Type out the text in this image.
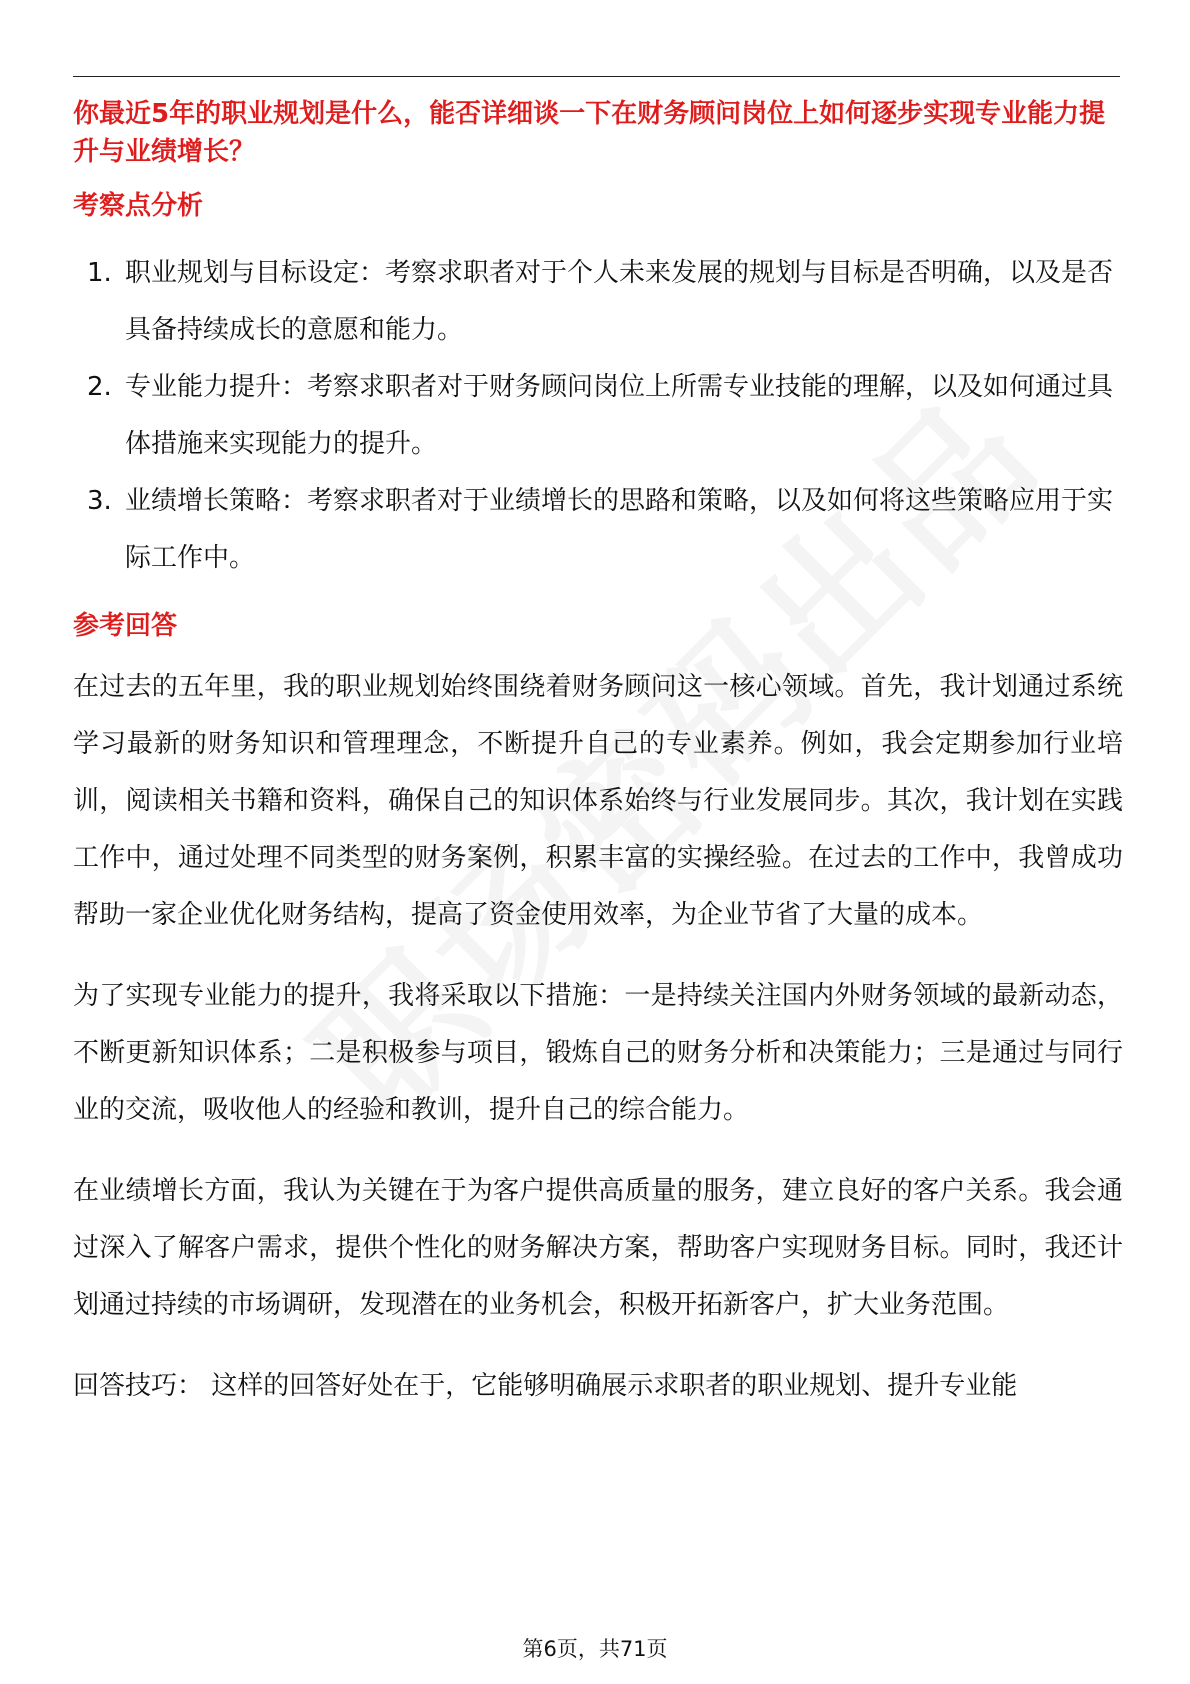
你最近5年的职业规划是什么，能否详细谈一下在财务顾问岗位上如何逐步实现专业能力提升与业绩增长？
考察点分析
1. 职业规划与目标设定：考察求职者对于个人未来发展的规划与目标是否明确，以及是否具备持续成长的意愿和能力。
2. 专业能力提升：考察求职者对于财务顾问岗位上所需专业技能的理解，以及如何通过具体措施来实现能力的提升。
3. 业绩增长策略：考察求职者对于业绩增长的思路和策略，以及如何将这些策略应用于实际工作中。
参考回答

在过去的五年里，我的职业规划始终围绕着财务顾问这一核心领域。首先，我计划通过系统学习最新的财务知识和管理理念，不断提升自己的专业素养。例如，我会定期参加行业培训，阅读相关书籍和资料，确保自己的知识体系始终与行业发展同步。其次，我计划在实践工作中，通过处理不同类型的财务案例，积累丰富的实操经验。在过去的工作中，我曾成功帮助一家企业优化财务结构，提高了资金使用效率，为企业节省了大量的成本。

为了实现专业能力的提升，我将采取以下措施：一是持续关注国内外财务领域的最新动态，不断更新知识体系；二是积极参与项目，锻炼自己的财务分析和决策能力；三是通过与同行业的交流，吸收他人的经验和教训，提升自己的综合能力。

在业绩增长方面，我认为关键在于为客户提供高质量的服务，建立良好的客户关系。我会通过深入了解客户需求，提供个性化的财务解决方案，帮助客户实现财务目标。同时，我还计划通过持续的市场调研，发现潜在的业务机会，积极开拓新客户，扩大业务范围。

回答技巧： 这样的回答好处在于，它能够明确展示求职者的职业规划、提升专业能

第6页，共71页
